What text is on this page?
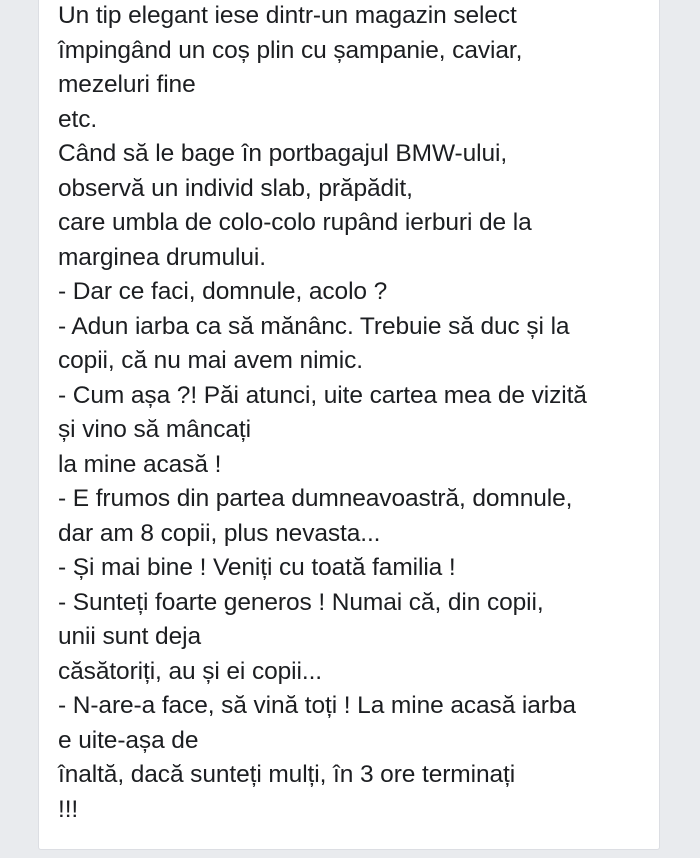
Un tip elegant iese dintr-un magazin select
împingând un coș plin cu șampanie, caviar,
mezeluri fine
etc.
Când să le bage în portbagajul BMW-ului,
observă un individ slab, prăpădit,
care umbla de colo-colo rupând ierburi de la
marginea drumului.
- Dar ce faci, domnule, acolo ?
- Adun iarba ca să mănânc. Trebuie să duc și la
copii, că nu mai avem nimic.
- Cum așa ?! Păi atunci, uite cartea mea de vizită
și vino să mâncați
la mine acasă !
- E frumos din partea dumneavoastră, domnule,
dar am 8 copii, plus nevasta...
- Și mai bine ! Veniți cu toată familia !
- Sunteți foarte generos ! Numai că, din copii,
unii sunt deja
căsătoriți, au și ei copii...
- N-are-a face, să vină toți ! La mine acasă iarba
e uite-așa de
înaltă, dacă sunteți mulți, în 3 ore terminați
!!!
